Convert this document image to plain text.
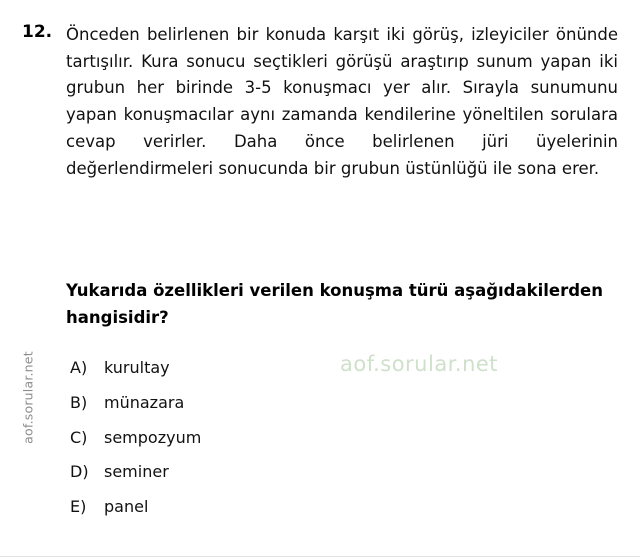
aof.sorular.net
12. Önceden belirlenen bir konuda karşıt iki görüş, izleyiciler önünde tartışılır. Kura sonucu seçtikleri görüşü araştırıp sunum yapan iki grubun her birinde 3-5 konuşmacı yer alır. Sırayla sunumunu yapan konuşmacılar aynı zamanda kendilerine yöneltilen sorulara cevap verirler. Daha önce belirlenen jüri üyelerinin değerlendirmeleri sonucunda bir grubun üstünlüğü ile sona erer.

Yukarıda özellikleri verilen konuşma türü aşağıdakilerden hangisidir?

A)	kurultay
B)	münazara
C)	sempozyum
D) seminer
E)	panel
aof.sorular.net
